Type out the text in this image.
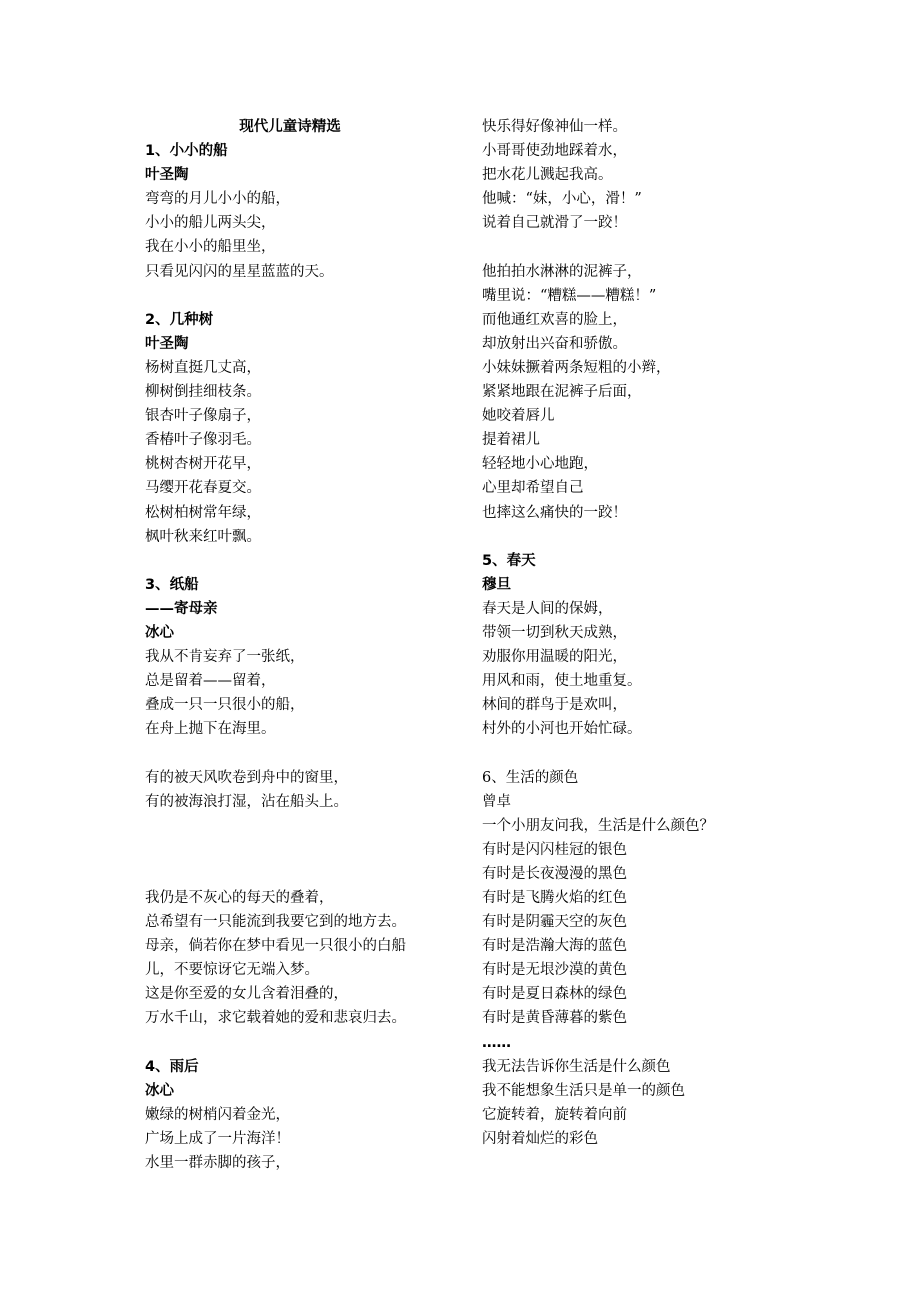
现代儿童诗精选
1、小小的船
叶圣陶
弯弯的月儿小小的船，
小小的船儿两头尖，
我在小小的船里坐，
只看见闪闪的星星蓝蓝的天。
2、几种树
叶圣陶
杨树直挺几丈高，
柳树倒挂细枝条。
银杏叶子像扇子，
香椿叶子像羽毛。
桃树杏树开花早，
马缨开花春夏交。
松树柏树常年绿，
枫叶秋来红叶飘。
3、纸船
——寄母亲
冰心
我从不肯妄弃了一张纸，
总是留着——留着，
叠成一只一只很小的船，
在舟上抛下在海里。
有的被天风吹卷到舟中的窗里，
有的被海浪打湿，沾在船头上。
我仍是不灰心的每天的叠着，
总希望有一只能流到我要它到的地方去。
母亲，倘若你在梦中看见一只很小的白船
儿，不要惊讶它无端入梦。
这是你至爱的女儿含着泪叠的，
万水千山，求它载着她的爱和悲哀归去。
4、雨后
冰心
嫩绿的树梢闪着金光，
广场上成了一片海洋！
水里一群赤脚的孩子，
快乐得好像神仙一样。
小哥哥使劲地踩着水，
把水花儿溅起我高。
他喊：“妹，小心，滑！”
说着自己就滑了一跤！
他拍拍水淋淋的泥裤子，
嘴里说：“糟糕——糟糕！”
而他通红欢喜的脸上，
却放射出兴奋和骄傲。
小妹妹撅着两条短粗的小辫，
紧紧地跟在泥裤子后面，
她咬着唇儿
提着裙儿
轻轻地小心地跑，
心里却希望自己
也摔这么痛快的一跤！
5、春天
穆旦
春天是人间的保姆，
带领一切到秋天成熟，
劝服你用温暖的阳光，
用风和雨，使土地重复。
林间的群鸟于是欢叫，
村外的小河也开始忙碌。
6、生活的颜色
曾卓
一个小朋友问我，生活是什么颜色？
有时是闪闪桂冠的银色
有时是长夜漫漫的黑色
有时是飞腾火焰的红色
有时是阴霾天空的灰色
有时是浩瀚大海的蓝色
有时是无垠沙漠的黄色
有时是夏日森林的绿色
有时是黄昏薄暮的紫色
……
我无法告诉你生活是什么颜色
我不能想象生活只是单一的颜色
它旋转着，旋转着向前
闪射着灿烂的彩色
